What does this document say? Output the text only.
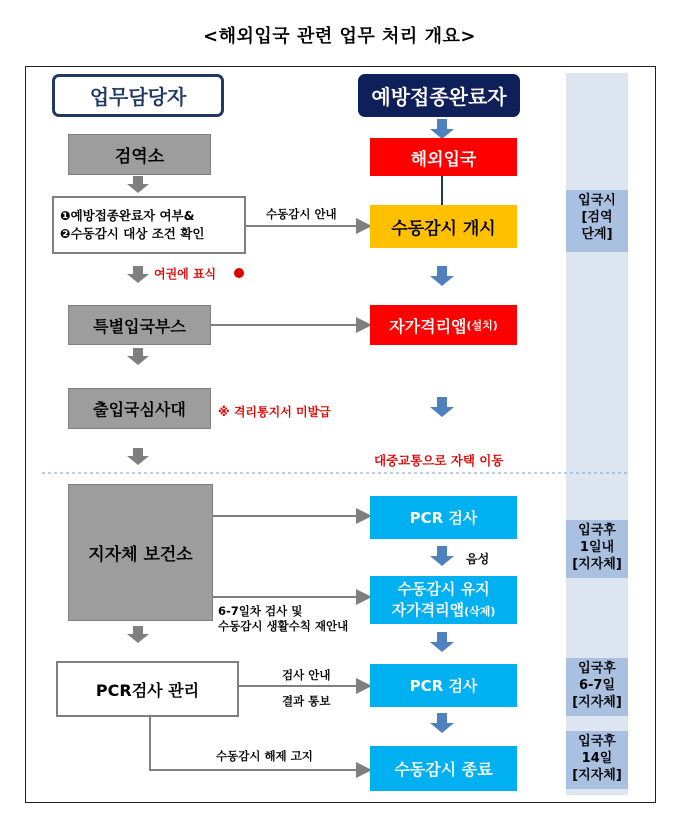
<해외입국 관련 업무 처리 개요>
입국시
[검역
단계]
입국후
1일내
[지자체]
입국후
6-7일
[지자체]
입국후
14일
[지자체]
업무담당자	예방접종완료자
검역소
❶예방접종완료자 여부&
❷수동감시 대상 조건 확인
여권에 표식
특별입국부스
출입국심사대	※ 격리통지서 미발급
지자체 보건소
PCR검사 관리
해외입국
수동감시 개시
자가격리앱 (설치)
대중교통으로 자택 이동
PCR 검사
음성
수동감시 유지
자가격리앱(삭제)
PCR 검사
수동감시 종료
수동감시 안내
6-7일차 검사 및
수동감시 생활수칙 재안내
검사 안내
결과 통보
수동감시 해제 고지
